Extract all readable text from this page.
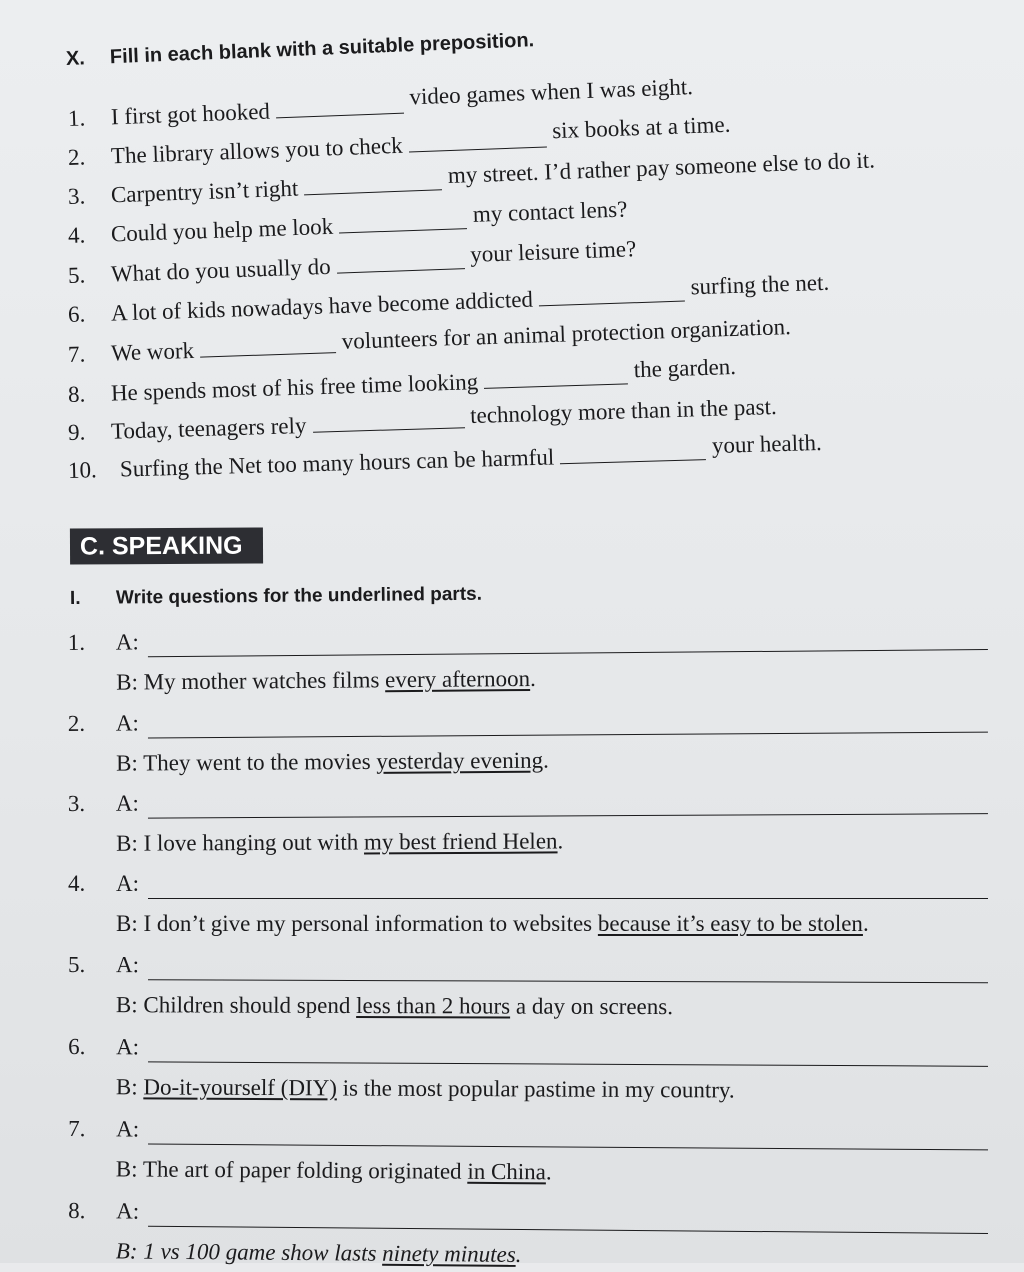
X. Fill in each blank with a suitable preposition.
1. I first got hookedvideo games when I was eight.
2. The library allows you to checksix books at a time.
3. Carpentry isn’t rightmy street. I’d rather pay someone else to do it.
4. Could you help me lookmy contact lens?
5. What do you usually doyour leisure time?
6. A lot of kids nowadays have become addictedsurfing the net.
7. We work	volunteers for an animal protection organization.
8. He spends most of his free time lookingthe garden.
9. Today, teenagers relytechnology more than in the past.
10. Surfing the Net too many hours can be harmfulyour health.
C. SPEAKING
I. Write questions for the underlined parts.
1. A:
B: My mother watches films every afternoon.
2. A:
B: They went to the movies yesterday evening.
3. A:
B: I love hanging out with my best friend Helen.
4. A:
B: I don’t give my personal information to websites because it’s easy to be stolen.
5. A:
B: Children should spend less than 2 hours a day on screens.
6. A:
B: Do-it-yourself (DIY) is the most popular pastime in my country.
7. A:
B: The art of paper folding originated in China.
8. A:
B: 1 vs 100 game show lasts ninety minutes.
